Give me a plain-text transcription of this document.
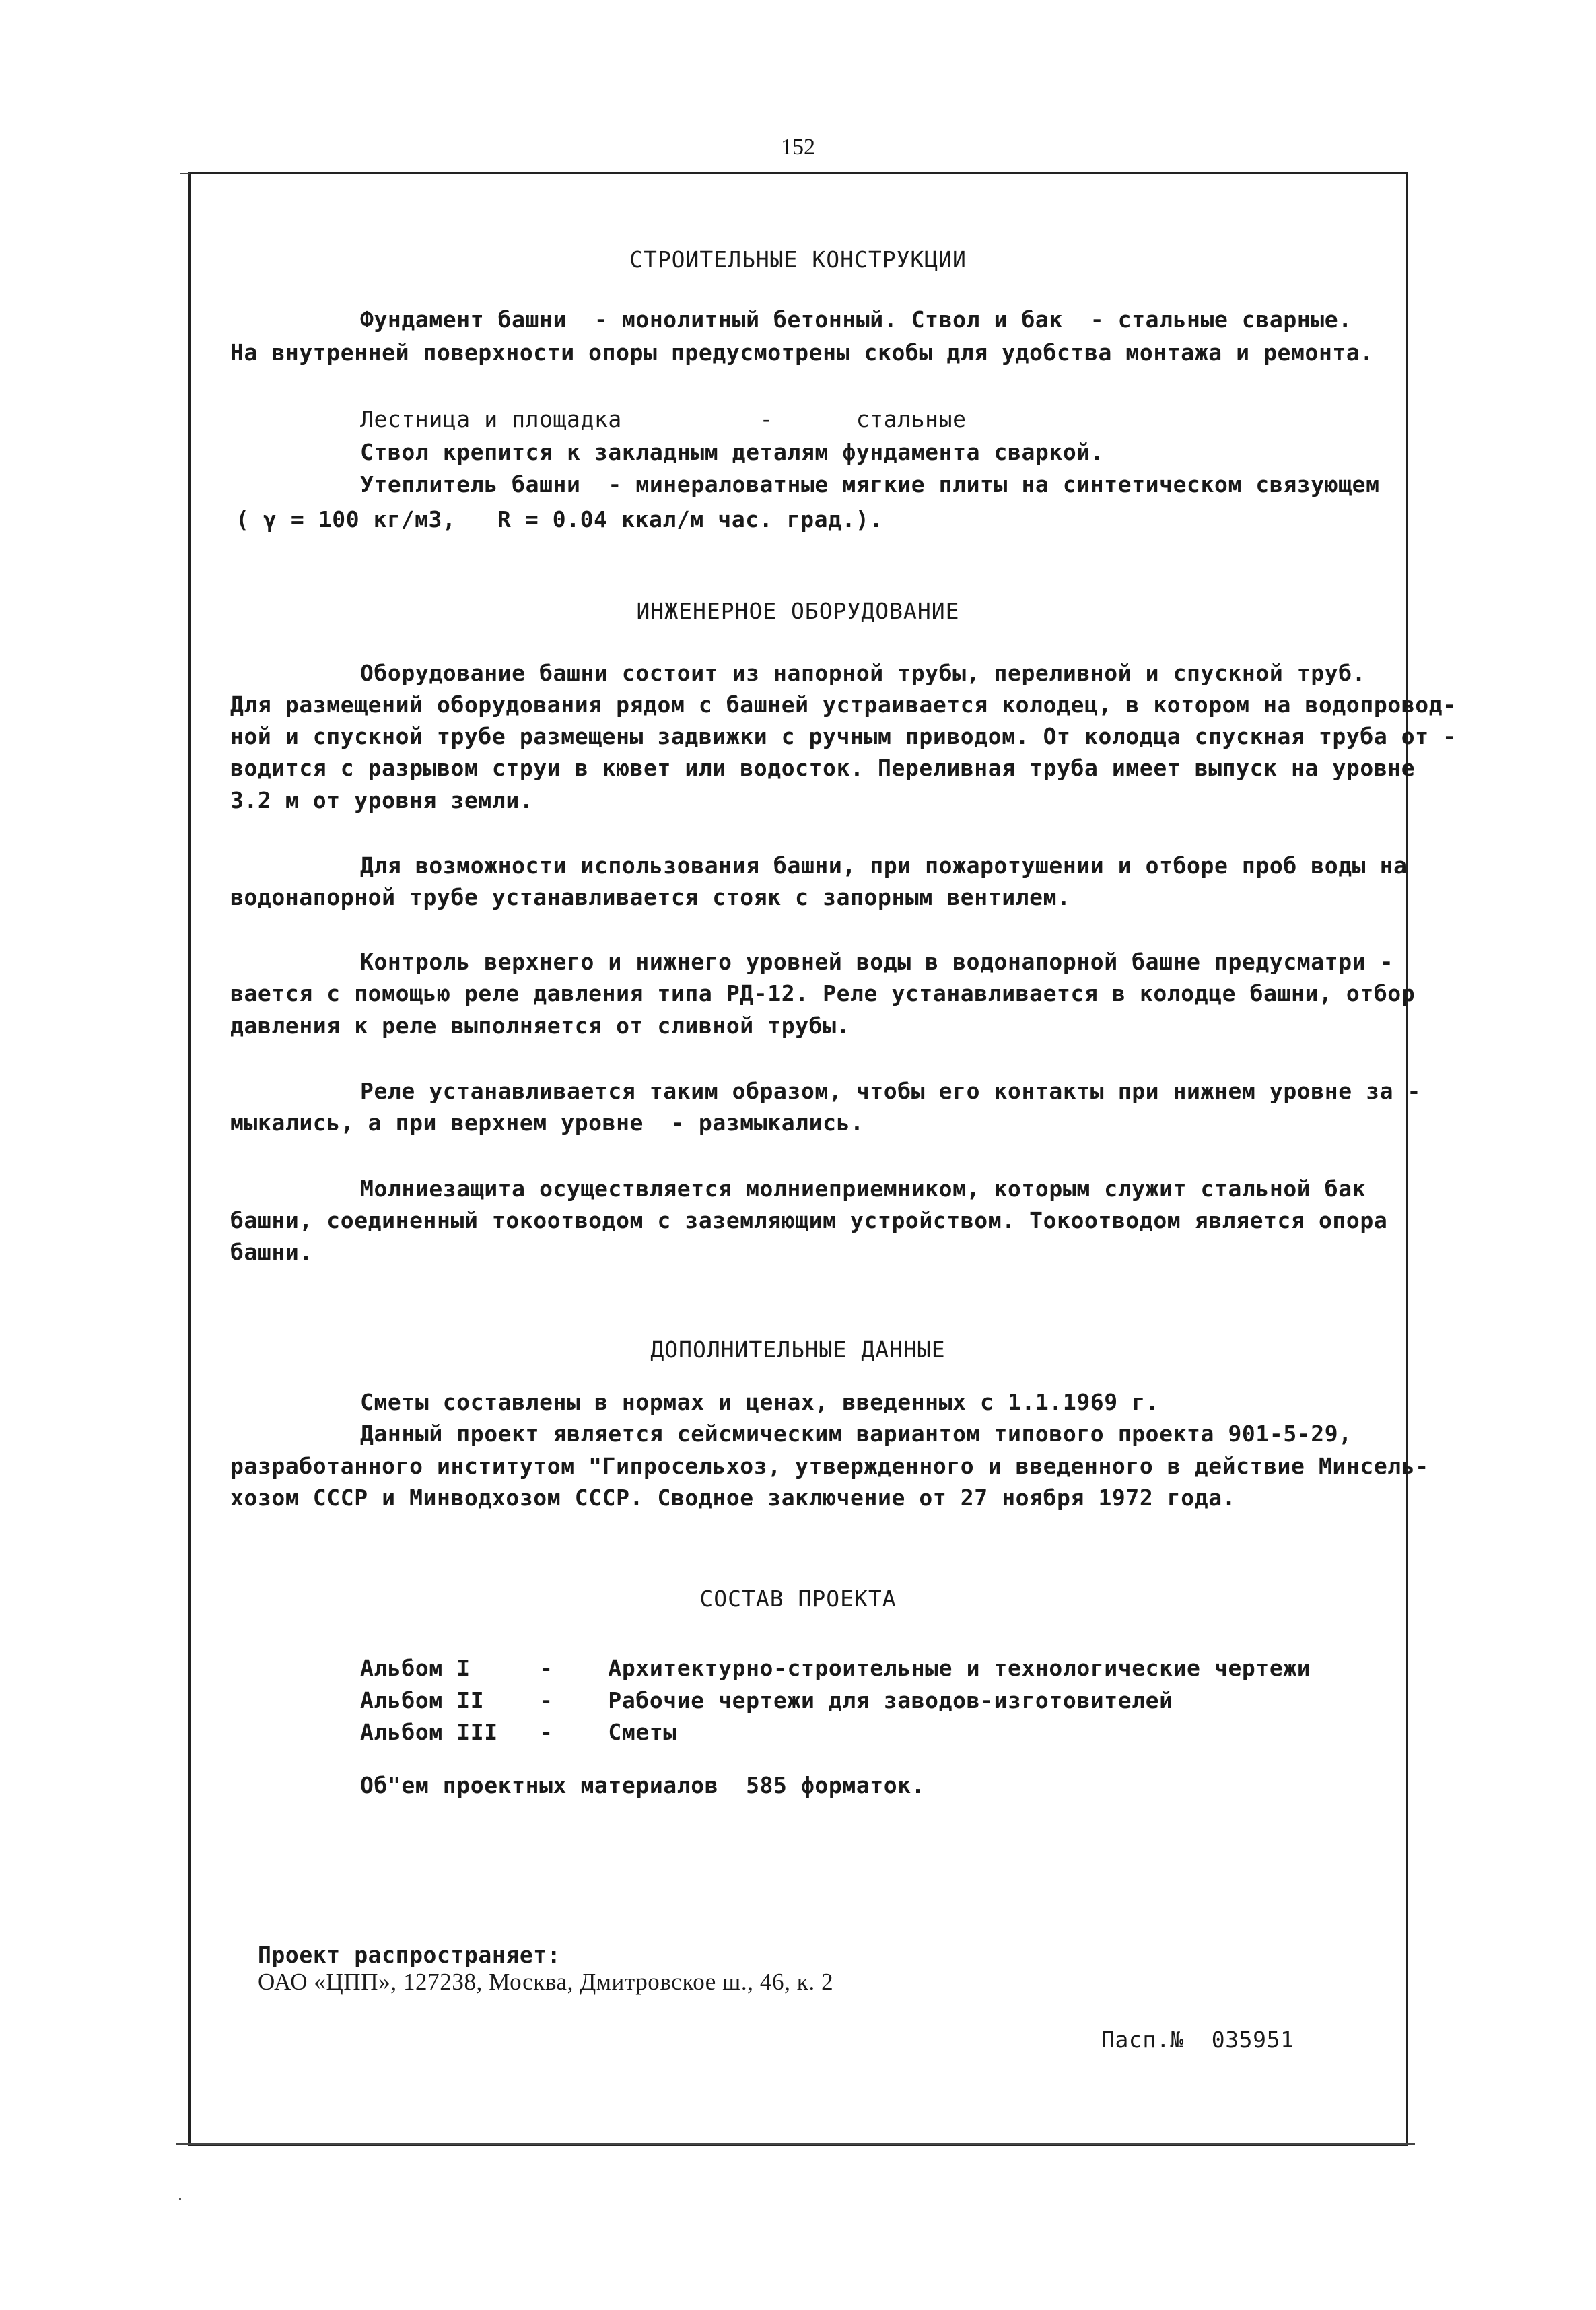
152
СТРОИТЕЛЬНЫЕ КОНСТРУКЦИИ
Фундамент башни  - монолитный бетонный. Ствол и бак  - стальные сварные.
На внутренней поверхности опоры предусмотрены скобы для удобства монтажа и ремонта.
Лестница и площадка          -      стальные
Ствол крепится к закладным деталям фундамента сваркой.
Утеплитель башни  - минераловатные мягкие плиты на синтетическом связующем
( γ = 100 кг/м3,   R = 0.04 ккал/м час. град.).
ИНЖЕНЕРНОЕ ОБОРУДОВАНИЕ
Оборудование башни состоит из напорной трубы, переливной и спускной труб.
Для размещений оборудования рядом с башней устраивается колодец, в котором на водопровод-
ной и спускной трубе размещены задвижки с ручным приводом. От колодца спускная труба от -
водится с разрывом струи в кювет или водосток. Переливная труба имеет выпуск на уровне
3.2 м от уровня земли.
Для возможности использования башни, при пожаротушении и отборе проб воды на
водонапорной трубе устанавливается стояк с запорным вентилем.
Контроль верхнего и нижнего уровней воды в водонапорной башне предусматри -
вается с помощью реле давления типа РД-12. Реле устанавливается в колодце башни, отбор
давления к реле выполняется от сливной трубы.
Реле устанавливается таким образом, чтобы его контакты при нижнем уровне за -
мыкались, а при верхнем уровне  - размыкались.
Молниезащита осуществляется молниеприемником, которым служит стальной бак
башни, соединенный токоотводом с заземляющим устройством. Токоотводом является опора
башни.
ДОПОЛНИТЕЛЬНЫЕ ДАННЫЕ
Сметы составлены в нормах и ценах, введенных с 1.1.1969 г.
Данный проект является сейсмическим вариантом типового проекта 901-5-29,
разработанного институтом "Гипросельхоз, утвержденного и введенного в действие Минсель-
хозом СССР и Минводхозом СССР. Сводное заключение от 27 ноября 1972 года.
СОСТАВ ПРОЕКТА
Альбом I     -    Архитектурно-строительные и технологические чертежи
Альбом II    -    Рабочие чертежи для заводов-изготовителей
Альбом III   -    Сметы
Об"ем проектных материалов  585 форматок.

Проект распространяет:
ОАО «ЦПП», 127238, Москва, Дмитровское ш., 46, к. 2

Пасп.№  035951
